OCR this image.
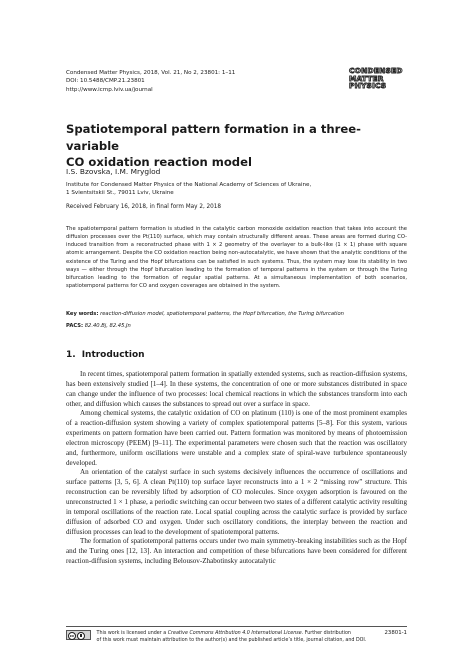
Condensed Matter Physics, 2018, Vol. 21, No 2, 23801: 1–11
DOI: 10.5488/CMP.21.23801
http://www.icmp.lviv.ua/journal
CONDENSED
MATTER
PHYSICS
Spatiotemporal pattern formation in a three-variable
CO oxidation reaction model
I.S. Bzovska, I.M. Mryglod
Institute for Condensed Matter Physics of the National Academy of Sciences of Ukraine,
1 Svientsitskii St., 79011 Lviv, Ukraine
Received February 16, 2018, in final form May 2, 2018
The spatiotemporal pattern formation is studied in the catalytic carbon monoxide oxidation reaction that takes into account the diffusion processes over the Pt(110) surface, which may contain structurally different areas. These areas are formed during CO-induced transition from a reconstructed phase with 1 × 2 geometry of the overlayer to a bulk-like (1 × 1) phase with square atomic arrangement. Despite the CO oxidation reaction being non-autocatalytic, we have shown that the analytic conditions of the existence of the Turing and the Hopf bifurcations can be satisfied in such systems. Thus, the system may lose its stability in two ways — either through the Hopf bifurcation leading to the formation of temporal patterns in the system or through the Turing bifurcation leading to the formation of regular spatial patterns. At a simultaneous implementation of both scenarios, spatiotemporal patterns for CO and oxygen coverages are obtained in the system.
Key words: reaction-diffusion model, spatiotemporal patterns, the Hopf bifurcation, the Turing bifurcation
PACS: 82.40.Bj, 82.45.Jn
1. Introduction

In recent times, spatiotemporal pattern formation in spatially extended systems, such as reaction-diffusion systems, has been extensively studied [1–4]. In these systems, the concentration of one or more substances distributed in space can change under the influence of two processes: local chemical reactions in which the substances transform into each other, and diffusion which causes the substances to spread out over a surface in space.

Among chemical systems, the catalytic oxidation of CO on platinum (110) is one of the most prominent examples of a reaction-diffusion system showing a variety of complex spatiotemporal patterns [5–8]. For this system, various experiments on pattern formation have been carried out. Pattern formation was monitored by means of photoemission electron microscopy (PEEM) [9–11]. The experimental parameters were chosen such that the reaction was oscillatory and, furthermore, uniform oscillations were unstable and a complex state of spiral-wave turbulence spontaneously developed.

An orientation of the catalyst surface in such systems decisively influences the occurrence of oscillations and surface patterns [3, 5, 6]. A clean Pt(110) top surface layer reconstructs into a 1 × 2 “missing row” structure. This reconstruction can be reversibly lifted by adsorption of CO molecules. Since oxygen adsorption is favoured on the unreconstructed 1 × 1 phase, a periodic switching can occur between two states of a different catalytic activity resulting in temporal oscillations of the reaction rate. Local spatial coupling across the catalytic surface is provided by surface diffusion of adsorbed CO and oxygen. Under such oscillatory conditions, the interplay between the reaction and diffusion processes can lead to the development of spatiotemporal patterns.

The formation of spatiotemporal patterns occurs under two main symmetry-breaking instabilities such as the Hopf and the Turing ones [12, 13]. An interaction and competition of these bifurcations have been considered for different reaction-diffusion systems, including Belousov-Zhabotinsky autocatalytic

cc	This work is licensed under a Creative Commons Attribution 4.0 International License. Further distribution
of this work must maintain attribution to the author(s) and the published article’s title, journal citation, and DOI.
23801-1
